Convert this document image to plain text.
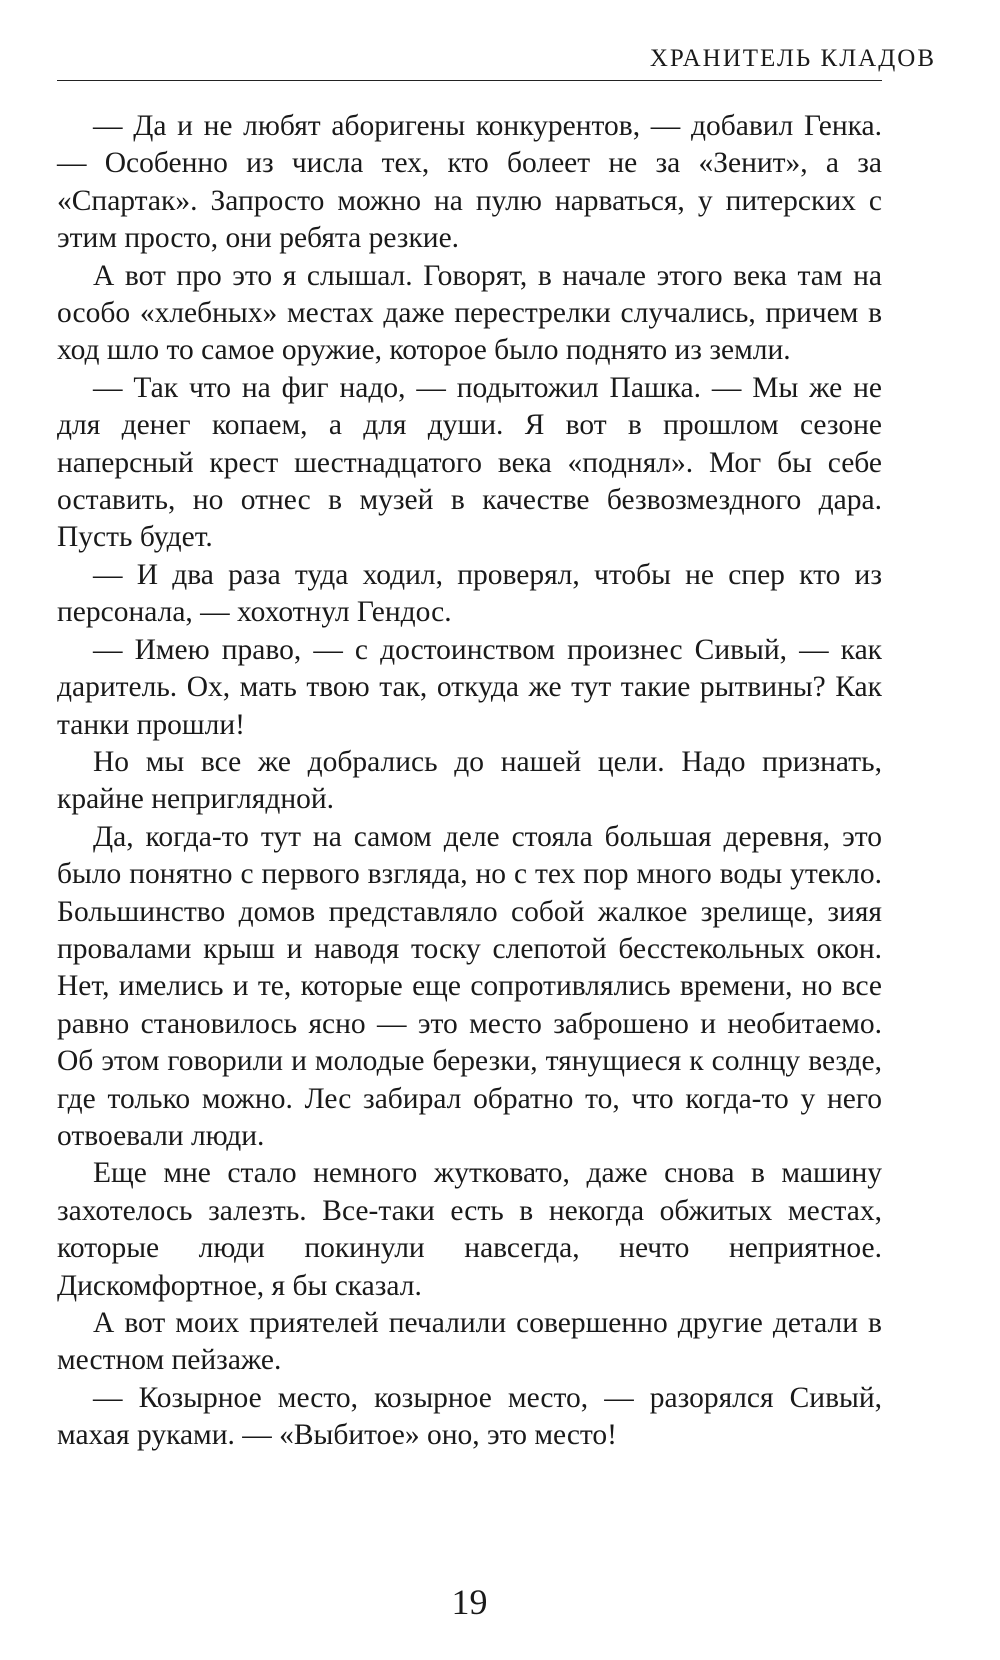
ХРАНИТЕЛЬ КЛАДОВ

— Да и не любят аборигены конкурентов, — добавил Генка. — Особенно из числа тех, кто болеет не за «Зенит», а за «Спартак». Запросто можно на пулю нарваться, у питерских с этим просто, они ребята резкие.

А вот про это я слышал. Говорят, в начале этого века там на особо «хлебных» местах даже перестрелки случались, причем в ход шло то самое оружие, которое было поднято из земли.

— Так что на фиг надо, — подытожил Пашка. — Мы же не для денег копаем, а для души. Я вот в прошлом сезоне наперсный крест шестнадцатого века «поднял». Мог бы себе оставить, но отнес в музей в качестве безвозмездного дара. Пусть будет.

— И два раза туда ходил, проверял, чтобы не спер кто из персонала, — хохотнул Гендос.

— Имею право, — с достоинством произнес Сивый, — как даритель. Ох, мать твою так, откуда же тут такие рытвины? Как танки прошли!

Но мы все же добрались до нашей цели. Надо признать, крайне неприглядной.

Да, когда-то тут на самом деле стояла большая деревня, это было понятно с первого взгляда, но с тех пор много воды утекло. Большинство домов представляло собой жалкое зрелище, зияя провалами крыш и наводя тоску слепотой бесстекольных окон. Нет, имелись и те, которые еще сопротивлялись времени, но все равно становилось ясно — это место заброшено и необитаемо. Об этом говорили и молодые березки, тянущиеся к солнцу везде, где только можно. Лес забирал обратно то, что когда-то у него отвоевали люди.

Еще мне стало немного жутковато, даже снова в машину захотелось залезть. Все-таки есть в некогда обжитых местах, которые люди покинули навсегда, нечто неприятное. Дискомфортное, я бы сказал.

А вот моих приятелей печалили совершенно другие детали в местном пейзаже.

— Козырное место, козырное место, — разорялся Сивый, махая руками. — «Выбитое» оно, это место!

19
